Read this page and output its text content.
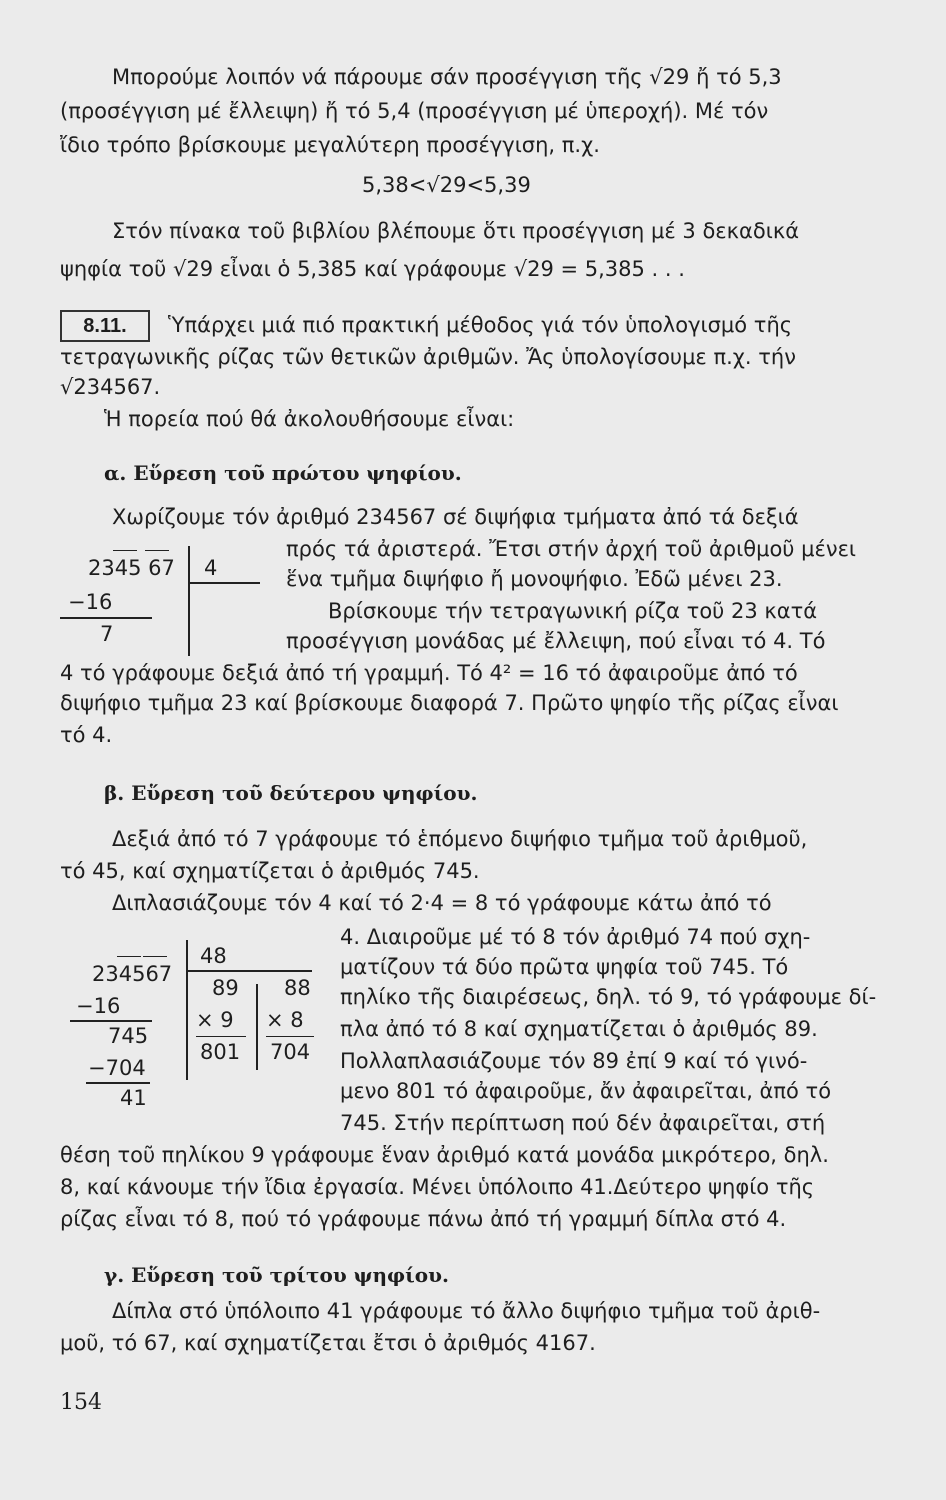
Μπορούμε λοιπόν νά πάρουμε σάν προσέγγιση τῆς √29 ἤ τό 5,3
(προσέγγιση μέ ἔλλειψη) ἤ τό 5,4 (προσέγγιση μέ ὑπεροχή). Μέ τόν
ἴδιο τρόπο βρίσκουμε μεγαλύτερη προσέγγιση, π.χ.
5,38<√29<5,39
Στόν πίνακα τοῦ βιβλίου βλέπουμε ὅτι προσέγγιση μέ 3 δεκαδικά
ψηφία τοῦ √29 εἶναι ὁ 5,385 καί γράφουμε √29 = 5,385 . . .
8.11.	Ὑπάρχει μιά πιό πρακτική μέθοδος γιά τόν ὑπολογισμό τῆς
τετραγωνικῆς ρίζας τῶν θετικῶν ἀριθμῶν. Ἄς ὑπολογίσουμε π.χ. τήν
√234567.
Ἡ πορεία πού θά ἀκολουθήσουμε εἶναι:
α. Εὕρεση τοῦ πρώτου ψηφίου.
Χωρίζουμε τόν ἀριθμό 234567 σέ διψήφια τμήματα ἀπό τά δεξιά
πρός τά ἀριστερά. Ἔτσι στήν ἀρχή τοῦ ἀριθμοῦ μένει
ἕνα τμῆμα διψήφιο ἤ μονοψήφιο. Ἐδῶ μένει 23.
Βρίσκουμε τήν τετραγωνική ρίζα τοῦ 23 κατά
προσέγγιση μονάδας μέ ἔλλειψη, πού εἶναι τό 4. Τό
4 τό γράφουμε δεξιά ἀπό τή γραμμή. Τό 4² = 16 τό ἀφαιροῦμε ἀπό τό
διψήφιο τμῆμα 23 καί βρίσκουμε διαφορά 7. Πρῶτο ψηφίο τῆς ρίζας εἶναι
τό 4.
2345 67 4
−16
7
β. Εὕρεση τοῦ δεύτερου ψηφίου.
Δεξιά ἀπό τό 7 γράφουμε τό ἑπόμενο διψήφιο τμῆμα τοῦ ἀριθμοῦ,
τό 45, καί σχηματίζεται ὁ ἀριθμός 745.
Διπλασιάζουμε τόν 4 καί τό 2·4 = 8 τό γράφουμε κάτω ἀπό τό
4. Διαιροῦμε μέ τό 8 τόν ἀριθμό 74 πού σχη-
ματίζουν τά δύο πρῶτα ψηφία τοῦ 745. Τό
πηλίκο τῆς διαιρέσεως, δηλ. τό 9, τό γράφουμε δί-
πλα ἀπό τό 8 καί σχηματίζεται ὁ ἀριθμός 89.
Πολλαπλασιάζουμε τόν 89 ἐπί 9 καί τό γινό-
μενο 801 τό ἀφαιροῦμε, ἄν ἀφαιρεῖται, ἀπό τό
745. Στήν περίπτωση πού δέν ἀφαιρεῖται, στή
θέση τοῦ πηλίκου 9 γράφουμε ἕναν ἀριθμό κατά μονάδα μικρότερο, δηλ.
8, καί κάνουμε τήν ἴδια ἐργασία. Μένει ὑπόλοιπο 41.Δεύτερο ψηφίο τῆς
ρίζας εἶναι τό 8, πού τό γράφουμε πάνω ἀπό τή γραμμή δίπλα στό 4.
234567
48
−16
745
−704
41
89
× 9
801
88
× 8
704
γ. Εὕρεση τοῦ τρίτου ψηφίου.
Δίπλα στό ὑπόλοιπο 41 γράφουμε τό ἄλλο διψήφιο τμῆμα τοῦ ἀριθ-
μοῦ, τό 67, καί σχηματίζεται ἔτσι ὁ ἀριθμός 4167.
154
